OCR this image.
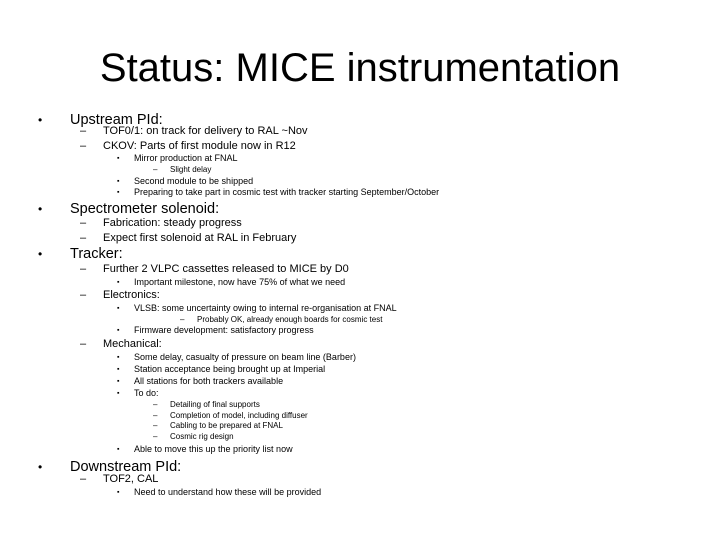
Status: MICE instrumentation
• Upstream PId:
– TOF0/1: on track for delivery to RAL ~Nov
– CKOV: Parts of first module now in R12
▪ Mirror production at FNAL
– Slight delay
▪ Second module to be shipped
▪ Preparing to take part in cosmic test with tracker starting September/October
• Spectrometer solenoid:
– Fabrication: steady progress
– Expect first solenoid at RAL in February
• Tracker:
– Further 2 VLPC cassettes released to MICE by D0
▪ Important milestone, now have 75% of what we need
– Electronics:
▪ VLSB: some uncertainty owing to internal re-organisation at FNAL
– Probably OK, already enough boards for cosmic test
▪ Firmware development: satisfactory progress
– Mechanical:
▪ Some delay, casualty of pressure on beam line (Barber)
▪ Station acceptance being brought up at Imperial
▪ All stations for both trackers available
▪ To do:
– Detailing of final supports
– Completion of model, including diffuser
– Cabling to be prepared at FNAL
– Cosmic rig design
▪ Able to move this up the priority list now
• Downstream PId:
– TOF2, CAL
▪ Need to understand how these will be provided
